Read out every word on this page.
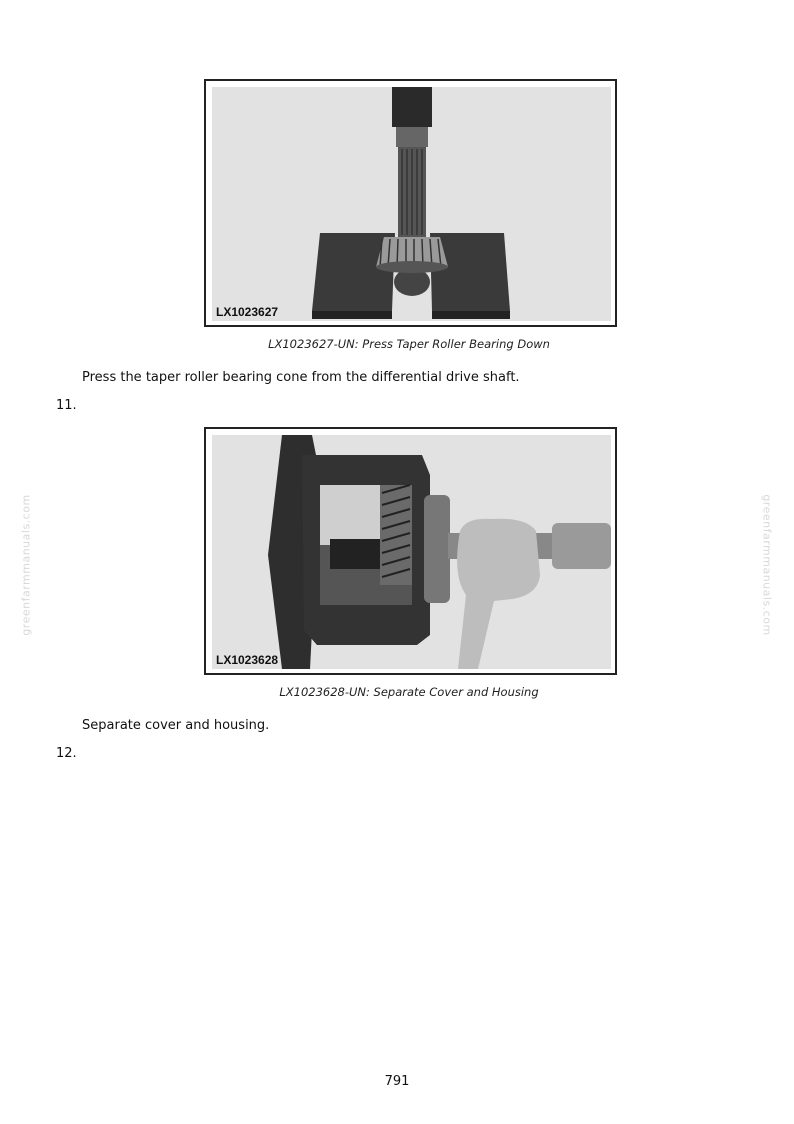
LX1023627
LX1023627-UN: Press Taper Roller Bearing Down
Press the taper roller bearing cone from the differential drive shaft.
11.
LX1023628
LX1023628-UN: Separate Cover and Housing
Separate cover and housing.
12.
greenfarmmanuals.com	greenfarmmanuals.com
791
